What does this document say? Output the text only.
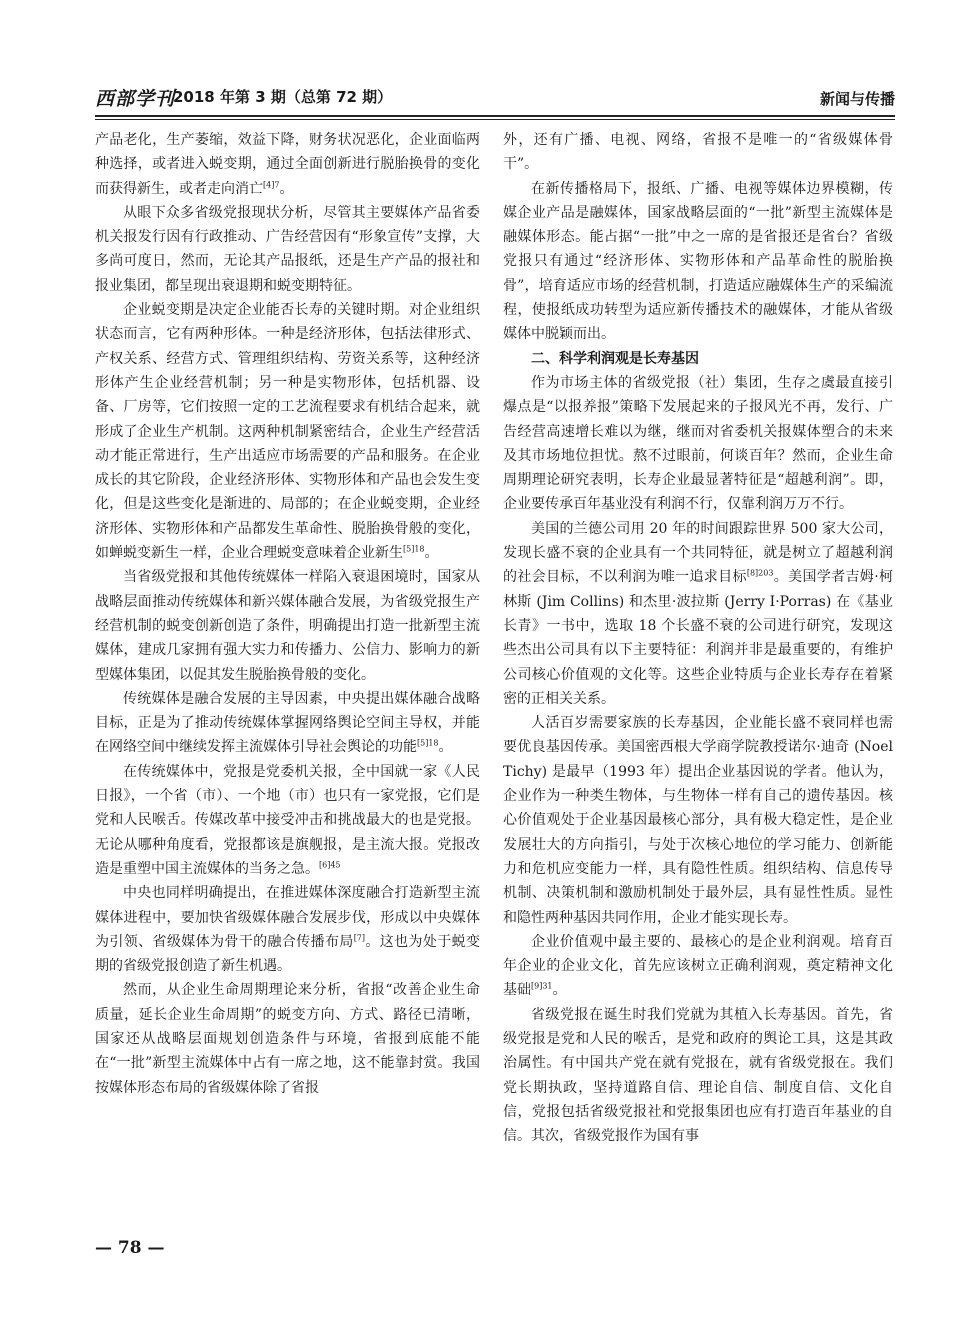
西部学刊
2018 年第 3 期（总第 72 期）	新闻与传播

产品老化，生产萎缩，效益下降，财务状况恶化，企业面临两种选择，或者进入蜕变期，通过全面创新进行脱胎换骨的变化而获得新生，或者走向消亡$^{[4]7}$。

从眼下众多省级党报现状分析，尽管其主要媒体产品省委机关报发行因有行政推动、广告经营因有“形象宣传”支撑，大多尚可度日，然而，无论其产品报纸，还是生产产品的报社和报业集团，都呈现出衰退期和蜕变期特征。

企业蜕变期是决定企业能否长寿的关键时期。对企业组织状态而言，它有两种形体。一种是经济形体，包括法律形式、产权关系、经营方式、管理组织结构、劳资关系等，这种经济形体产生企业经营机制；另一种是实物形体，包括机器、设备、厂房等，它们按照一定的工艺流程要求有机结合起来，就形成了企业生产机制。这两种机制紧密结合，企业生产经营活动才能正常进行，生产出适应市场需要的产品和服务。在企业成长的其它阶段，企业经济形体、实物形体和产品也会发生变化，但是这些变化是渐进的、局部的；在企业蜕变期，企业经济形体、实物形体和产品都发生革命性、脱胎换骨般的变化，如蝉蜕变新生一样，企业合理蜕变意味着企业新生$^{[5]18}$。

当省级党报和其他传统媒体一样陷入衰退困境时，国家从战略层面推动传统媒体和新兴媒体融合发展，为省级党报生产经营机制的蜕变创新创造了条件，明确提出打造一批新型主流媒体，建成几家拥有强大实力和传播力、公信力、影响力的新型媒体集团，以促其发生脱胎换骨般的变化。

传统媒体是融合发展的主导因素，中央提出媒体融合战略目标，正是为了推动传统媒体掌握网络舆论空间主导权，并能在网络空间中继续发挥主流媒体引导社会舆论的功能$^{[5]18}$。

在传统媒体中，党报是党委机关报，全中国就一家《人民日报》，一个省（市）、一个地（市）也只有一家党报，它们是党和人民喉舌。传媒改革中接受冲击和挑战最大的也是党报。无论从哪种角度看，党报都该是旗舰报，是主流大报。党报改造是重塑中国主流媒体的当务之急。$^{[6]45}$

中央也同样明确提出，在推进媒体深度融合打造新型主流媒体进程中，要加快省级媒体融合发展步伐，形成以中央媒体为引领、省级媒体为骨干的融合传播布局[7]。这也为处于蜕变期的省级党报创造了新生机遇。

然而，从企业生命周期理论来分析，省报“改善企业生命质量，延长企业生命周期”的蜕变方向、方式、路径已清晰，国家还从战略层面规划创造条件与环境，省报到底能不能在“一批”新型主流媒体中占有一席之地，这不能靠封赏。我国按媒体形态布局的省级媒体除了省报

外，还有广播、电视、网络，省报不是唯一的“省级媒体骨干”。

在新传播格局下，报纸、广播、电视等媒体边界模糊，传媒企业产品是融媒体，国家战略层面的“一批”新型主流媒体是融媒体形态。能占据“一批”中之一席的是省报还是省台？省级党报只有通过“经济形体、实物形体和产品革命性的脱胎换骨”，培育适应市场的经营机制，打造适应融媒体生产的采编流程，使报纸成功转型为适应新传播技术的融媒体，才能从省级媒体中脱颖而出。

二、科学利润观是长寿基因

作为市场主体的省级党报（社）集团，生存之虞最直接引爆点是“以报养报”策略下发展起来的子报风光不再，发行、广告经营高速增长难以为继，继而对省委机关报媒体塑合的未来及其市场地位担忧。熬不过眼前，何谈百年？然而，企业生命周期理论研究表明，长寿企业最显著特征是“超越利润”。即，企业要传承百年基业没有利润不行，仅靠利润万万不行。

美国的兰德公司用 20 年的时间跟踪世界 500 家大公司，发现长盛不衰的企业具有一个共同特征，就是树立了超越利润的社会目标，不以利润为唯一追求目标$^{[8]203}$。美国学者吉姆·柯林斯 (Jim Collins) 和杰里·波拉斯 (Jerry I·Porras) 在《基业长青》一书中，选取 18 个长盛不衰的公司进行研究，发现这些杰出公司具有以下主要特征：利润并非是最重要的，有维护公司核心价值观的文化等。这些企业特质与企业长寿存在着紧密的正相关关系。

人活百岁需要家族的长寿基因，企业能长盛不衰同样也需要优良基因传承。美国密西根大学商学院教授诺尔·迪奇 (Noel Tichy) 是最早（1993 年）提出企业基因说的学者。他认为，企业作为一种类生物体，与生物体一样有自己的遗传基因。核心价值观处于企业基因最核心部分，具有极大稳定性，是企业发展壮大的方向指引，与处于次核心地位的学习能力、创新能力和危机应变能力一样，具有隐性性质。组织结构、信息传导机制、决策机制和激励机制处于最外层，具有显性性质。显性和隐性两种基因共同作用，企业才能实现长寿。

企业价值观中最主要的、最核心的是企业利润观。培育百年企业的企业文化，首先应该树立正确利润观，奠定精神文化基础$^{[9]31}$。

省级党报在诞生时我们党就为其植入长寿基因。首先，省级党报是党和人民的喉舌，是党和政府的舆论工具，这是其政治属性。有中国共产党在就有党报在，就有省级党报在。我们党长期执政，坚持道路自信、理论自信、制度自信、文化自信，党报包括省级党报社和党报集团也应有打造百年基业的自信。其次，省级党报作为国有事

— 78 —
